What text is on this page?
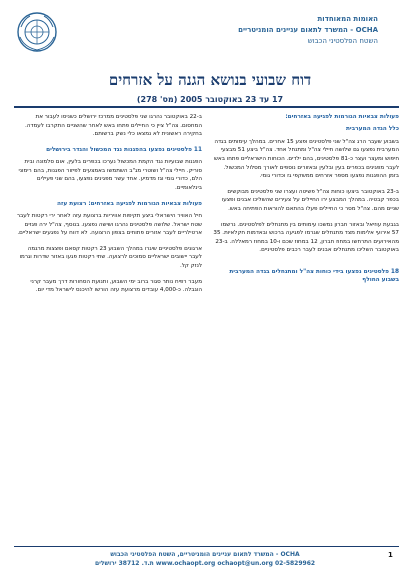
האומות המאוחדות
OCHA - המשרד לתאום עניינים הומניטריים
השטח הפלסטיני הכבוש
דוח שבועי בנושא הגנה על אזרחים
17 עד 23 באוקטובר 2005 (מס' 278)
פעולות צבאיות הגורמות לפגיעה באזרחים:
כלל הגדה המערבית

בשבוע שעבר הרג צה"ל שני פלסטינים ופצע 15 אחרים. במהלך עימותים בגדה המערבית נפצעו גם שלושה חיילי צה"ל ומתנחל אחד. צה"ל ביצע 51 מבצעי חיפוש ומעצר ועצר כ-81 פלסטינים, בהם ילדים. הכוחות הישראליים פתחו באש לעבר מפגינים בכפרים בעין ובלעין ובאזורים נוספים לאורך מסלול המכשול. בזמן ההפגנות נפצעו מספר אזרחים ממשקפי גז וכדורי גומי.

ב-23 באוקטובר ביצעו כוחות צה"ל פשיטה ועצרו שני פלסטינים מבוקשים בכפר קבטיה. במהלך המבצע ירו החיילים על צעירים שהשליכו אבנים ופצעו שניים מהם. צה"ל מסר כי החיילים פעלו בהתאם להוראות הפתיחה באש.

בגבעת עוזיאל ובאזור חברון נמשכו עימותים בין מתנחלים לפלסטינים. נרשמו 57 אירועי אלימות מצד מתנחלים שגרמו לפגיעה ברכוש ובאדמות חקלאיות. 35 מהאירועים התרחשו במחוז חברון, 12 במחוז שכם ו-10 במחוז רמאללה. ב-23 באוקטובר השליכו מתנחלים אבנים לעבר רכבים פלסטיניים.

18 פלסטינים נפצעו בידי כוחות צה"ל ומתנחלים בגדה המערבית בשבוע החולף

ב-22 באוקטובר נהרגו שני פלסטינים ממרכז ירושלים כשניסו לעבור את המחסום. צה"ל ציין כי החיילים פתחו באש לאחר שהשניים התקרבו לעמדה. בחקירה ראשונית לא נמצאו כלי נשק ברשותם.

11 פלסטינים נפצעו בהפגנות נגד המכשול והגדר בירושלים

הפגנות שבועיות נגד הקמת המכשול נערכו בכפרים בלעין, אום סלמונה ובית סוריק. חיילי צה"ל ושוטרי מג"ב השתמשו באמצעים לפיזור הפגנות, בהם רימוני הלם, כדורי גומי וגז מדמיע. אחד עשר מפגינים נפצעו, בהם שני פעילים בינלאומיים.

פעולות צבאיות הגורמות לפגיעה באזרחים: רצועת עזה

חיל האוויר הישראלי ביצע תקיפות אוויריות ברצועת עזה לאחר ירי רקטות לעבר שטח ישראל. שלושה פלסטינים נהרגו ושישה נפצעו. בנוסף, צה"ל ירה פגזים ארטילריים לעבר אזורים פתוחים בצפון הרצועה. לא דווח על נפגעים ישראליים.

ארגונים פלסטיניים שיגרו במהלך השבוע 23 רקטות קסאם ופצצות מרגמה לעבר יישובים ישראליים סמוכים לרצועה. שתי רקטות פגעו באזור שדרות וגרמו לנזק קל.

מעבר רפיח נותר סגור ברוב ימי השבוע, ותנועת הסחורות דרך מעבר קרני הוגבלה. כ-4,000 עובדים מרצועת עזה הורשו להיכנס לישראל מדי יום.

1
OCHA - המשרד לתאום עניינים הומניטריים, השטח הפלסטיני הכבוש
www.ochaopt.org ochaopt@un.org 02-5829962 ת.ד. 38712 ירושלים
